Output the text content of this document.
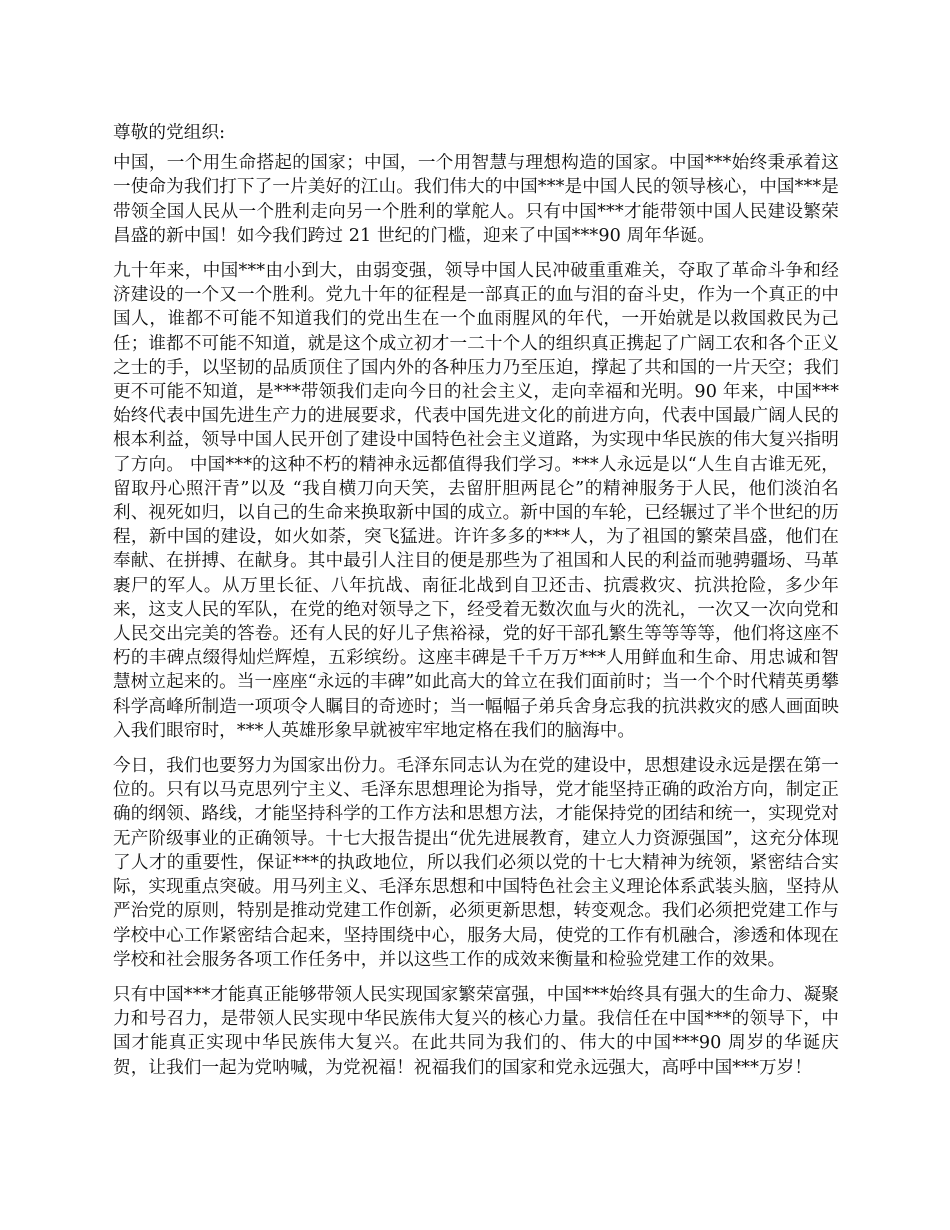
尊敬的党组织:

中国，一个用生命搭起的国家；中国，一个用智慧与理想构造的国家。中国***始终秉承着这一使命为我们打下了一片美好的江山。我们伟大的中国***是中国人民的领导核心，中国***是带领全国人民从一个胜利走向另一个胜利的掌舵人。只有中国***才能带领中国人民建设繁荣昌盛的新中国！如今我们跨过 21 世纪的门槛，迎来了中国***90 周年华诞。

九十年来，中国***由小到大，由弱变强，领导中国人民冲破重重难关，夺取了革命斗争和经济建设的一个又一个胜利。党九十年的征程是一部真正的血与泪的奋斗史，作为一个真正的中国人，谁都不可能不知道我们的党出生在一个血雨腥风的年代，一开始就是以救国救民为己任；谁都不可能不知道，就是这个成立初才一二十个人的组织真正携起了广阔工农和各个正义之士的手，以坚韧的品质顶住了国内外的各种压力乃至压迫，撑起了共和国的一片天空；我们更不可能不知道，是***带领我们走向今日的社会主义，走向幸福和光明。90 年来，中国***始终代表中国先进生产力的进展要求，代表中国先进文化的前进方向，代表中国最广阔人民的根本利益，领导中国人民开创了建设中国特色社会主义道路，为实现中华民族的伟大复兴指明了方向。 中国***的这种不朽的精神永远都值得我们学习。***人永远是以“人生自古谁无死，留取丹心照汗青”以及 “我自横刀向天笑，去留肝胆两昆仑”的精神服务于人民，他们淡泊名利、视死如归，以自己的生命来换取新中国的成立。新中国的车轮，已经辗过了半个世纪的历程，新中国的建设，如火如荼，突飞猛进。许许多多的***人，为了祖国的繁荣昌盛，他们在奉献、在拼搏、在献身。其中最引人注目的便是那些为了祖国和人民的利益而驰骋疆场、马革裹尸的军人。从万里长征、八年抗战、南征北战到自卫还击、抗震救灾、抗洪抢险，多少年来，这支人民的军队，在党的绝对领导之下，经受着无数次血与火的洗礼，一次又一次向党和人民交出完美的答卷。还有人民的好儿子焦裕禄，党的好干部孔繁生等等等等，他们将这座不朽的丰碑点缀得灿烂辉煌，五彩缤纷。这座丰碑是千千万万***人用鲜血和生命、用忠诚和智慧树立起来的。当一座座“永远的丰碑”如此高大的耸立在我们面前时；当一个个时代精英勇攀科学高峰所制造一项项令人瞩目的奇迹时；当一幅幅子弟兵舍身忘我的抗洪救灾的感人画面映入我们眼帘时，***人英雄形象早就被牢牢地定格在我们的脑海中。

今日，我们也要努力为国家出份力。毛泽东同志认为在党的建设中，思想建设永远是摆在第一位的。只有以马克思列宁主义、毛泽东思想理论为指导，党才能坚持正确的政治方向，制定正确的纲领、路线，才能坚持科学的工作方法和思想方法，才能保持党的团结和统一，实现党对无产阶级事业的正确领导。十七大报告提出“优先进展教育，建立人力资源强国”，这充分体现了人才的重要性，保证***的执政地位，所以我们必须以党的十七大精神为统领，紧密结合实际，实现重点突破。用马列主义、毛泽东思想和中国特色社会主义理论体系武装头脑，坚持从严治党的原则，特别是推动党建工作创新，必须更新思想，转变观念。我们必须把党建工作与学校中心工作紧密结合起来，坚持围绕中心，服务大局，使党的工作有机融合，渗透和体现在学校和社会服务各项工作任务中，并以这些工作的成效来衡量和检验党建工作的效果。

只有中国***才能真正能够带领人民实现国家繁荣富强，中国***始终具有强大的生命力、凝聚力和号召力，是带领人民实现中华民族伟大复兴的核心力量。我信任在中国***的领导下，中国才能真正实现中华民族伟大复兴。在此共同为我们的、伟大的中国***90 周岁的华诞庆贺，让我们一起为党呐喊，为党祝福！祝福我们的国家和党永远强大，高呼中国***万岁！
